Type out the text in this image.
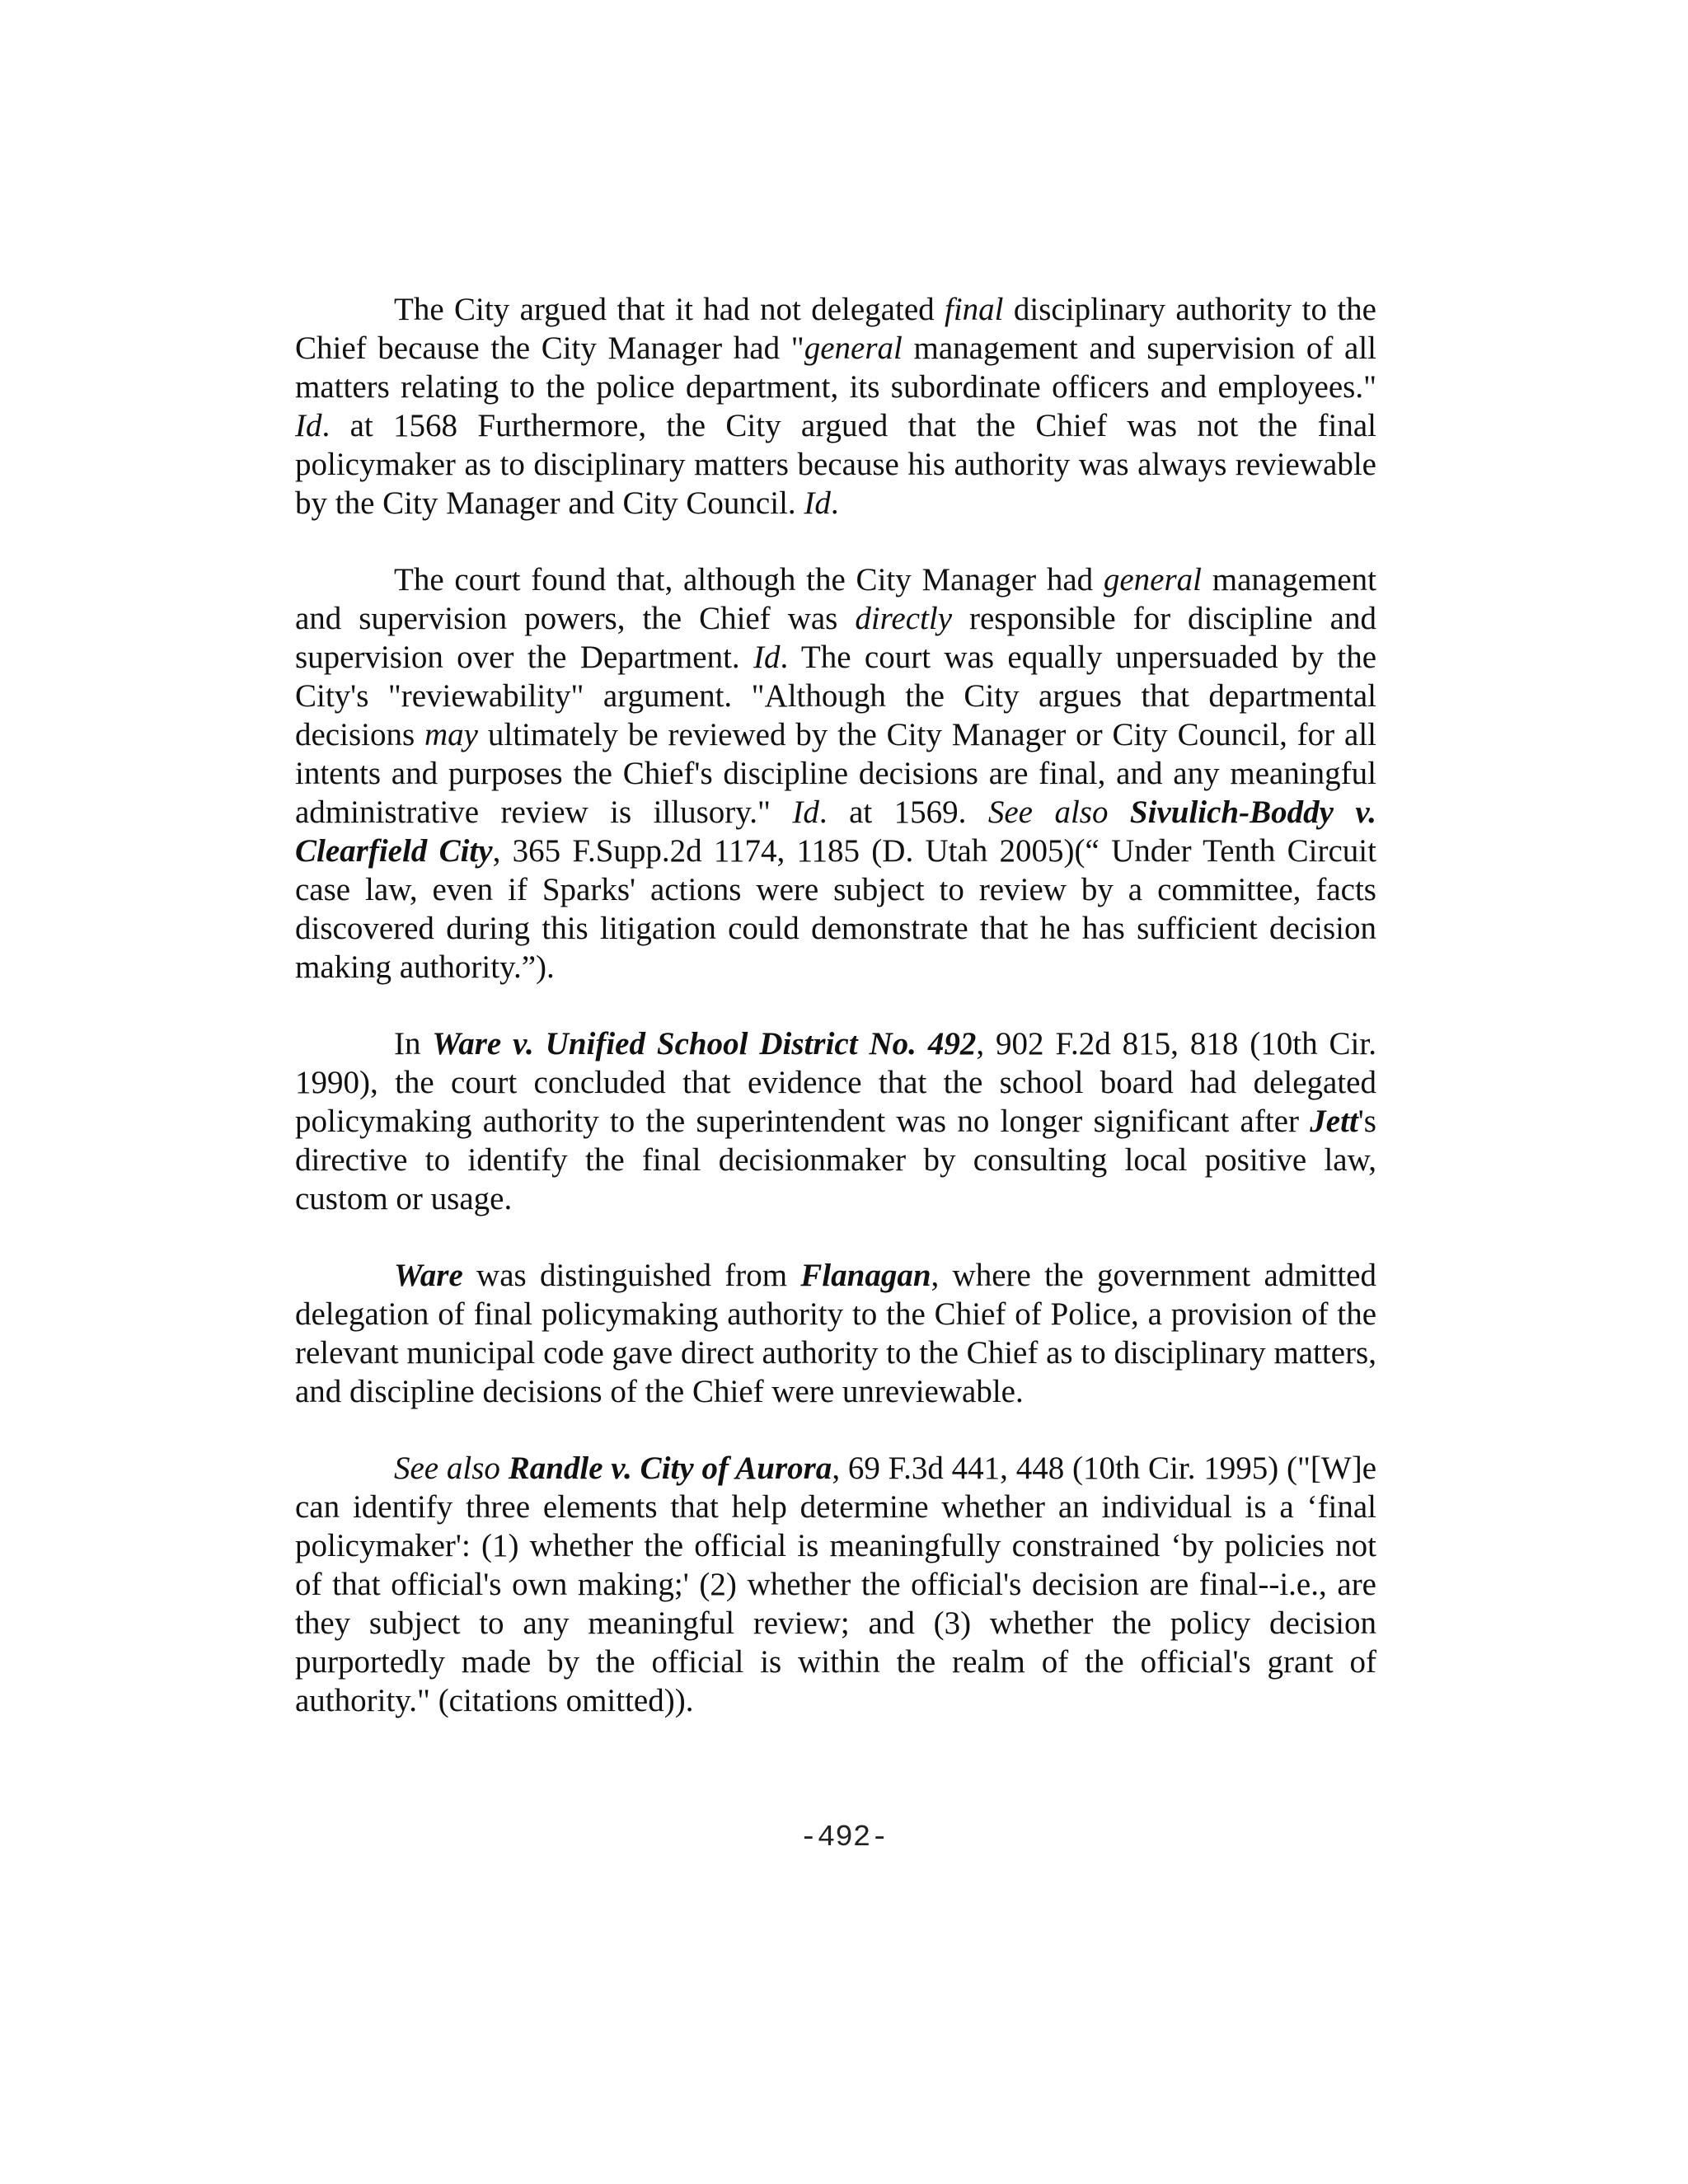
The City argued that it had not delegated final disciplinary authority to the Chief because the City Manager had "general management and supervision of all matters relating to the police department, its subordinate officers and employees." Id. at 1568 Furthermore, the City argued that the Chief was not the final policymaker as to disciplinary matters because his authority was always reviewable by the City Manager and City Council. Id.

The court found that, although the City Manager had general management and supervision powers, the Chief was directly responsible for discipline and supervision over the Department. Id. The court was equally unpersuaded by the City's "reviewability" argument. "Although the City argues that departmental decisions may ultimately be reviewed by the City Manager or City Council, for all intents and purposes the Chief's discipline decisions are final, and any meaningful administrative review is illusory." Id. at 1569. See also Sivulich-Boddy v. Clearfield City, 365 F.Supp.2d 1174, 1185 (D. Utah 2005)(“ Under Tenth Circuit case law, even if Sparks' actions were subject to review by a committee, facts discovered during this litigation could demonstrate that he has sufficient decision making authority.”).

In Ware v. Unified School District No. 492, 902 F.2d 815, 818 (10th Cir. 1990), the court concluded that evidence that the school board had delegated policymaking authority to the superintendent was no longer significant after Jett's directive to identify the final decisionmaker by consulting local positive law, custom or usage.

Ware was distinguished from Flanagan, where the government admitted delegation of final policymaking authority to the Chief of Police, a provision of the relevant municipal code gave direct authority to the Chief as to disciplinary matters, and discipline decisions of the Chief were unreviewable.

See also Randle v. City of Aurora, 69 F.3d 441, 448 (10th Cir. 1995) ("[W]e can identify three elements that help determine whether an individual is a ‘final policymaker': (1) whether the official is meaningfully constrained ‘by policies not of that official's own making;' (2) whether the official's decision are final--i.e., are they subject to any meaningful review; and (3) whether the policy decision purportedly made by the official is within the realm of the official's grant of authority." (citations omitted)).

-492-
